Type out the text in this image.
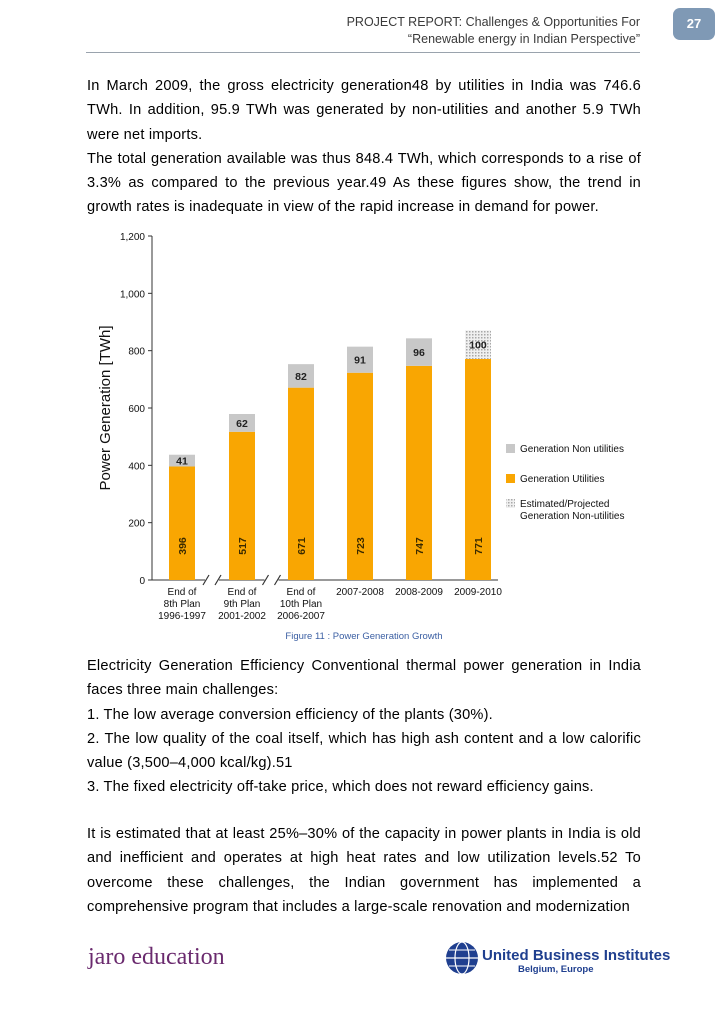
PROJECT REPORT: Challenges & Opportunities For
“Renewable energy in Indian Perspective”
27

In March 2009, the gross electricity generation48 by utilities in India was 746.6 TWh. In addition, 95.9 TWh was generated by non-utilities and another 5.9 TWh were net imports.

The total generation available was thus 848.4 TWh, which corresponds to a rise of 3.3% as compared to the previous year.49 As these figures show, the trend in growth rates is inadequate in view of the rapid increase in demand for power.

Power Generation [TWh]
0
200
400
600
800
1,000
1,200
396
41
End of
8th Plan
1996-1997
517
62
End of
9th Plan
2001-2002
671
82
End of
10th Plan
2006-2007
723
91
2007-2008
747
96
2008-2009
771
100
2009-2010
Generation Non utilities
Generation Utilities
Estimated/Projected
Generation Non-utilities
Figure 11 : Power Generation Growth

Electricity Generation Efficiency Conventional thermal power generation in India faces three main challenges:

1. The low average conversion efficiency of the plants (30%).

2. The low quality of the coal itself, which has high ash content and a low calorific value (3,500–4,000 kcal/kg).51

3. The fixed electricity off-take price, which does not reward efficiency gains.

It is estimated that at least 25%–30% of the capacity in power plants in India is old and inefficient and operates at high heat rates and low utilization levels.52 To overcome these challenges, the Indian government has implemented a comprehensive program that includes a large-scale renovation and modernization

jaro education	United Business Institutes
Belgium, Europe
